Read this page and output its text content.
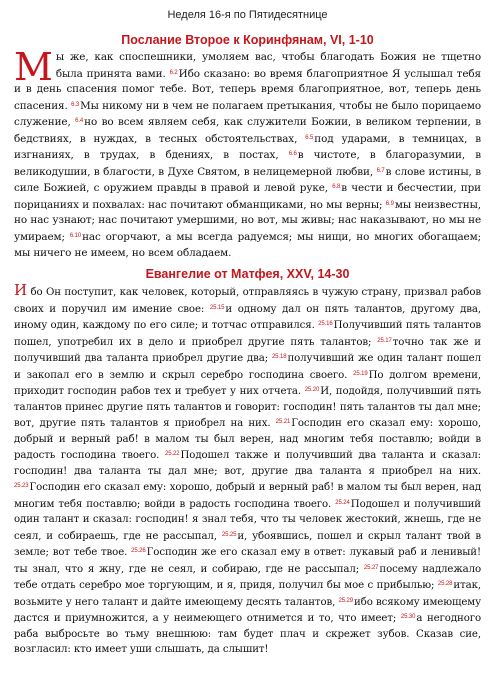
Неделя 16-я по Пятидесятнице
Послание Второе к Коринфянам, VI, 1-10
М ы же, как споспешники, умоляем вас, чтобы благодать Божия не тщетно была принята вами. $^{6.2}$Ибо сказано: во время благоприятное Я услышал тебя и в день спасения помог тебе. Вот, теперь время благоприятное, вот, теперь день спасения. $^{6.3}$Мы никому ни в чем не полагаем претыкания, чтобы не было порицаемо служение, $^{6.4}$но во всем являем себя, как служители Божии, в великом терпении, в бедствиях, в нуждах, в тесных обстоятельствах, $^{6.5}$под ударами, в темницах, в изгнаниях, в трудах, в бдениях, в постах, $^{6.6}$в чистоте, в благоразумии, в великодушии, в благости, в Духе Святом, в нелицемерной любви, $^{6.7}$в слове истины, в силе Божией, с оружием правды в правой и левой руке, $^{6.8}$в чести и бесчестии, при порицаниях и похвалах: нас почитают обманщиками, но мы верны; $^{6.9}$мы неизвестны, но нас узнают; нас почитают умершими, но вот, мы живы; нас наказывают, но мы не умираем; $^{6.10}$нас огорчают, а мы всегда радуемся; мы нищи, но многих обогащаем; мы ничего не имеем, но всем обладаем.
Евангелие от Матфея, XXV, 14-30
И бо Он поступит, как человек, который, отправляясь в чужую страну, призвал рабов своих и поручил им имение свое: $^{25.15}$и одному дал он пять талантов, другому два, иному один, каждому по его силе; и тотчас отправился. $^{25.16}$Получивший пять талантов пошел, употребил их в дело и приобрел другие пять талантов; $^{25.17}$точно так же и получивший два таланта приобрел другие два; $^{25.18}$получивший же один талант пошел и закопал его в землю и скрыл серебро господина своего. $^{25.19}$По долгом времени, приходит господин рабов тех и требует у них отчета. $^{25.20}$И, подойдя, получивший пять талантов принес другие пять талантов и говорит: господин! пять талантов ты дал мне; вот, другие пять талантов я приобрел на них. $^{25.21}$Господин его сказал ему: хорошо, добрый и верный раб! в малом ты был верен, над многим тебя поставлю; войди в радость господина твоего. $^{25.22}$Подошел также и получивший два таланта и сказал: господин! два таланта ты дал мне; вот, другие два таланта я приобрел на них. $^{25.23}$Господин его сказал ему: хорошо, добрый и верный раб! в малом ты был верен, над многим тебя поставлю; войди в радость господина твоего. $^{25.24}$Подошел и получивший один талант и сказал: господин! я знал тебя, что ты человек жестокий, жнешь, где не сеял, и собираешь, где не рассыпал, $^{25.25}$и, убоявшись, пошел и скрыл талант твой в земле; вот тебе твое. $^{25.26}$Господин же его сказал ему в ответ: лукавый раб и ленивый! ты знал, что я жну, где не сеял, и собираю, где не рассыпал; $^{25.27}$посему надлежало тебе отдать серебро мое торгующим, и я, придя, получил бы мое с прибылью; $^{25.28}$итак, возьмите у него талант и дайте имеющему десять талантов, $^{25.29}$ибо всякому имеющему дастся и приумножится, а у неимеющего отнимется и то, что имеет; $^{25.30}$а негодного раба выбросьте во тьму внешнюю: там будет плач и скрежет зубов. Сказав сие, возгласил: кто имеет уши слышать, да слышит!
